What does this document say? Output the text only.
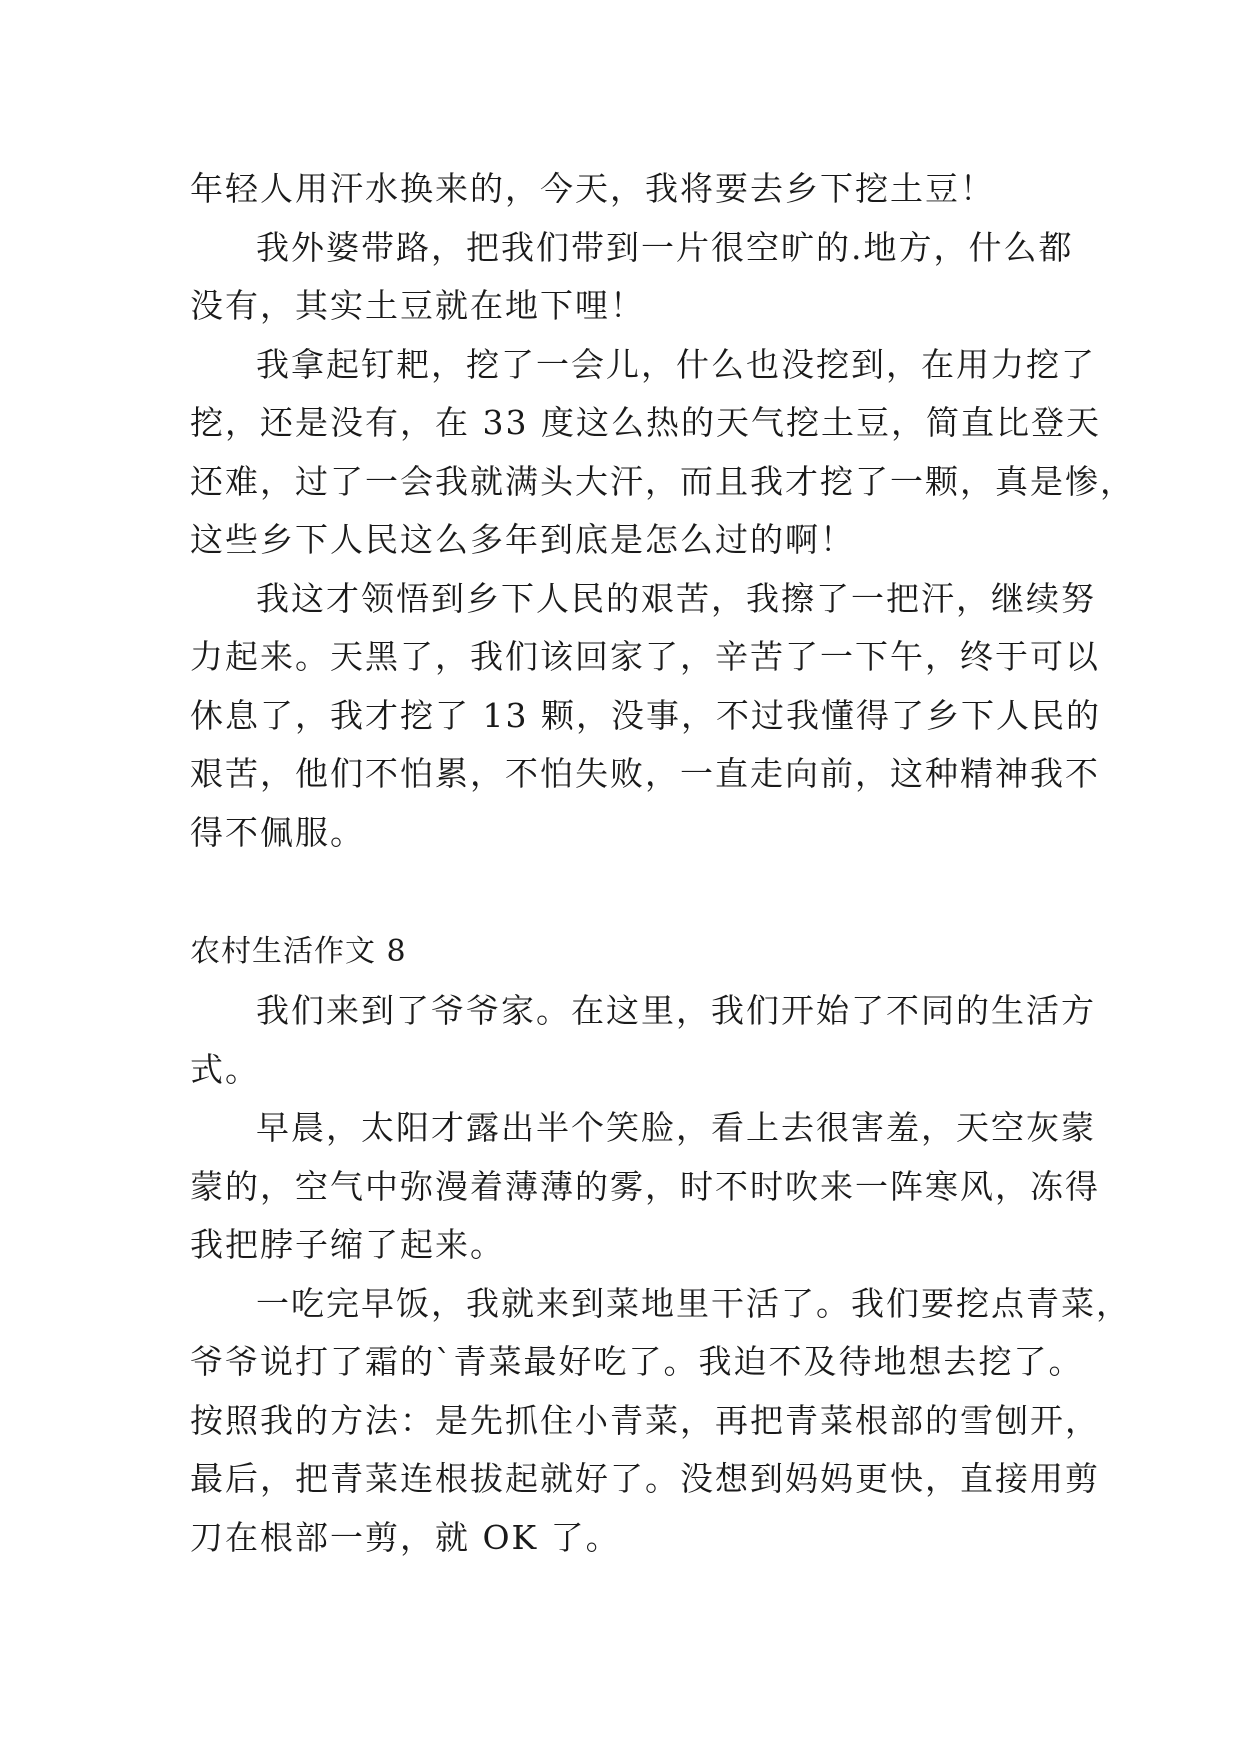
年轻人用汗水换来的，今天，我将要去乡下挖土豆！
我外婆带路，把我们带到一片很空旷的.地方，什么都
没有，其实土豆就在地下哩！
我拿起钉耙，挖了一会儿，什么也没挖到，在用力挖了
挖，还是没有，在 33 度这么热的天气挖土豆，简直比登天
还难，过了一会我就满头大汗，而且我才挖了一颗，真是惨，
这些乡下人民这么多年到底是怎么过的啊！
我这才领悟到乡下人民的艰苦，我擦了一把汗，继续努
力起来。天黑了，我们该回家了，辛苦了一下午，终于可以
休息了，我才挖了 13 颗，没事，不过我懂得了乡下人民的
艰苦，他们不怕累，不怕失败，一直走向前，这种精神我不
得不佩服。
农村生活作文 8
我们来到了爷爷家。在这里，我们开始了不同的生活方
式。
早晨，太阳才露出半个笑脸，看上去很害羞，天空灰蒙
蒙的，空气中弥漫着薄薄的雾，时不时吹来一阵寒风，冻得
我把脖子缩了起来。
一吃完早饭，我就来到菜地里干活了。我们要挖点青菜，
爷爷说打了霜的`青菜最好吃了。我迫不及待地想去挖了。
按照我的方法：是先抓住小青菜，再把青菜根部的雪刨开，
最后，把青菜连根拔起就好了。没想到妈妈更快，直接用剪
刀在根部一剪，就 OK 了。
